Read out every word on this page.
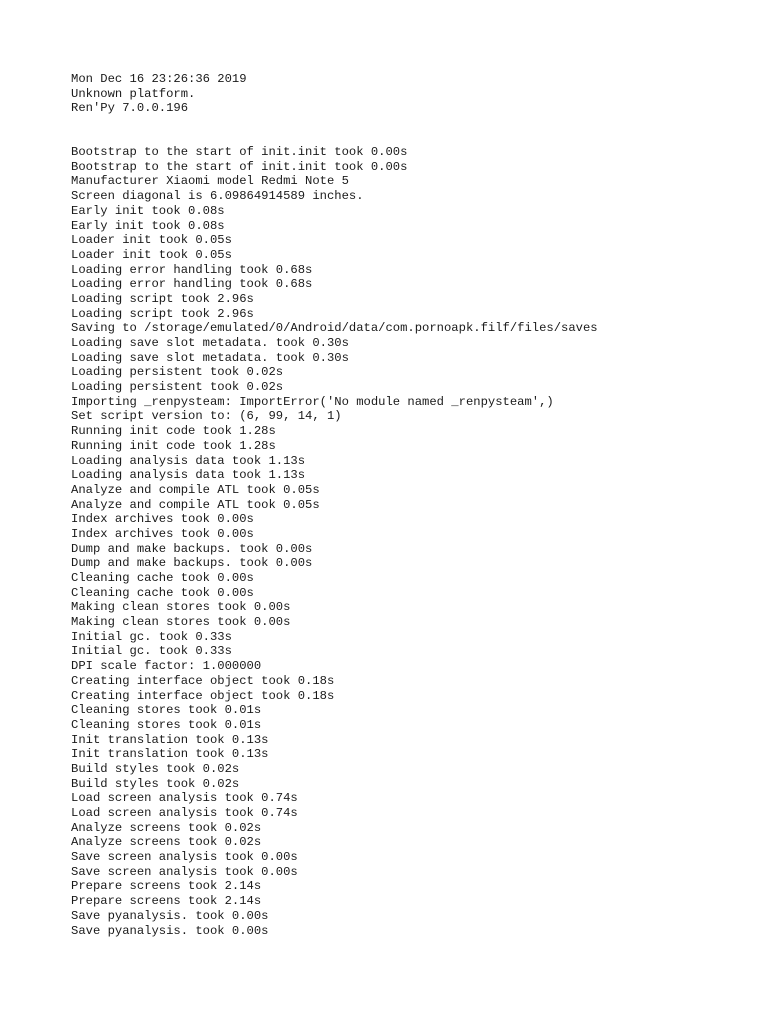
Mon Dec 16 23:26:36 2019
Unknown platform.
Ren'Py 7.0.0.196
Bootstrap to the start of init.init took 0.00s
Bootstrap to the start of init.init took 0.00s
Manufacturer Xiaomi model Redmi Note 5
Screen diagonal is 6.09864914589 inches.
Early init took 0.08s
Early init took 0.08s
Loader init took 0.05s
Loader init took 0.05s
Loading error handling took 0.68s
Loading error handling took 0.68s
Loading script took 2.96s
Loading script took 2.96s
Saving to /storage/emulated/0/Android/data/com.pornoapk.filf/files/saves
Loading save slot metadata. took 0.30s
Loading save slot metadata. took 0.30s
Loading persistent took 0.02s
Loading persistent took 0.02s
Importing _renpysteam: ImportError('No module named _renpysteam',)
Set script version to: (6, 99, 14, 1)
Running init code took 1.28s
Running init code took 1.28s
Loading analysis data took 1.13s
Loading analysis data took 1.13s
Analyze and compile ATL took 0.05s
Analyze and compile ATL took 0.05s
Index archives took 0.00s
Index archives took 0.00s
Dump and make backups. took 0.00s
Dump and make backups. took 0.00s
Cleaning cache took 0.00s
Cleaning cache took 0.00s
Making clean stores took 0.00s
Making clean stores took 0.00s
Initial gc. took 0.33s
Initial gc. took 0.33s
DPI scale factor: 1.000000
Creating interface object took 0.18s
Creating interface object took 0.18s
Cleaning stores took 0.01s
Cleaning stores took 0.01s
Init translation took 0.13s
Init translation took 0.13s
Build styles took 0.02s
Build styles took 0.02s
Load screen analysis took 0.74s
Load screen analysis took 0.74s
Analyze screens took 0.02s
Analyze screens took 0.02s
Save screen analysis took 0.00s
Save screen analysis took 0.00s
Prepare screens took 2.14s
Prepare screens took 2.14s
Save pyanalysis. took 0.00s
Save pyanalysis. took 0.00s
